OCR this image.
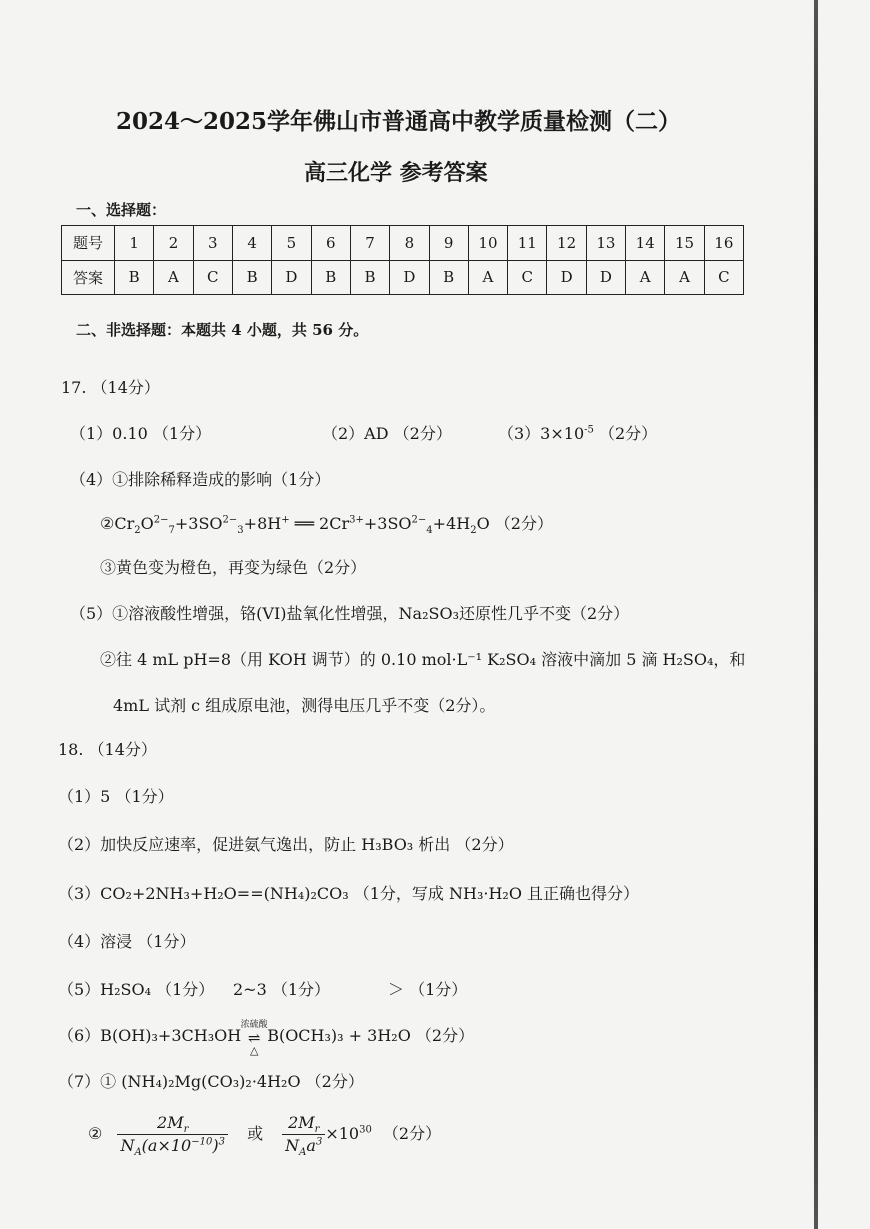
2024～2025学年佛山市普通高中教学质量检测（二）
高三化学 参考答案
一、选择题：
题号	1	2	3	4	5	6	7	8	9	10	11	12	13	14	15	16
答案	B	A	C	B	D	B	B	D	B	A	C	D	D	A	A	C
二、非选择题：本题共 4 小题，共 56 分。
17. （14分）
（1）0.10 （1分）	（2）AD （2分）	$(3)3\times 10^{-5}$ （2分）
（4）①排除稀释造成的影响（1分）
$②Cr_2O^{2-}_7+3SO^{2-}_3+8H^+$ ══ $2Cr^{3+}+3SO^{2-}_4+4H_2O$ （2分）
③黄色变为橙色，再变为绿色（2分）
（5）①溶液酸性增强，铬(VI)盐氧化性增强，Na₂SO₃还原性几乎不变（2分）
②往 4 mL pH=8（用 KOH 调节）的 0.10 mol·L⁻¹ K₂SO₄ 溶液中滴加 5 滴 H₂SO₄，和
4mL 试剂 c 组成原电池，测得电压几乎不变（2分）。
18. （14分）
（1）5 （1分）
（2）加快反应速率，促进氨气逸出，防止 H₃BO₃ 析出 （2分）
（3）CO₂+2NH₃+H₂O==(NH₄)₂CO₃ （1分，写成 NH₃·H₂O 且正确也得分）
（4）溶浸 （1分）
（5）H₂SO₄ （1分） 2~3 （1分）	＞ （1分）
（6）B(OH)₃+3CH₃OH
浓硫酸
⇌
△
B(OCH₃)₃ + 3H₂O （2分）
（7）① (NH₄)₂Mg(CO₃)₂·4H₂O （2分）
② $\frac{2M_r}{N_A(a\times 10^{-10})^3}$ 或 $\frac{2M_r}{N_Aa^3} \times 10^{30}$ （2分）
